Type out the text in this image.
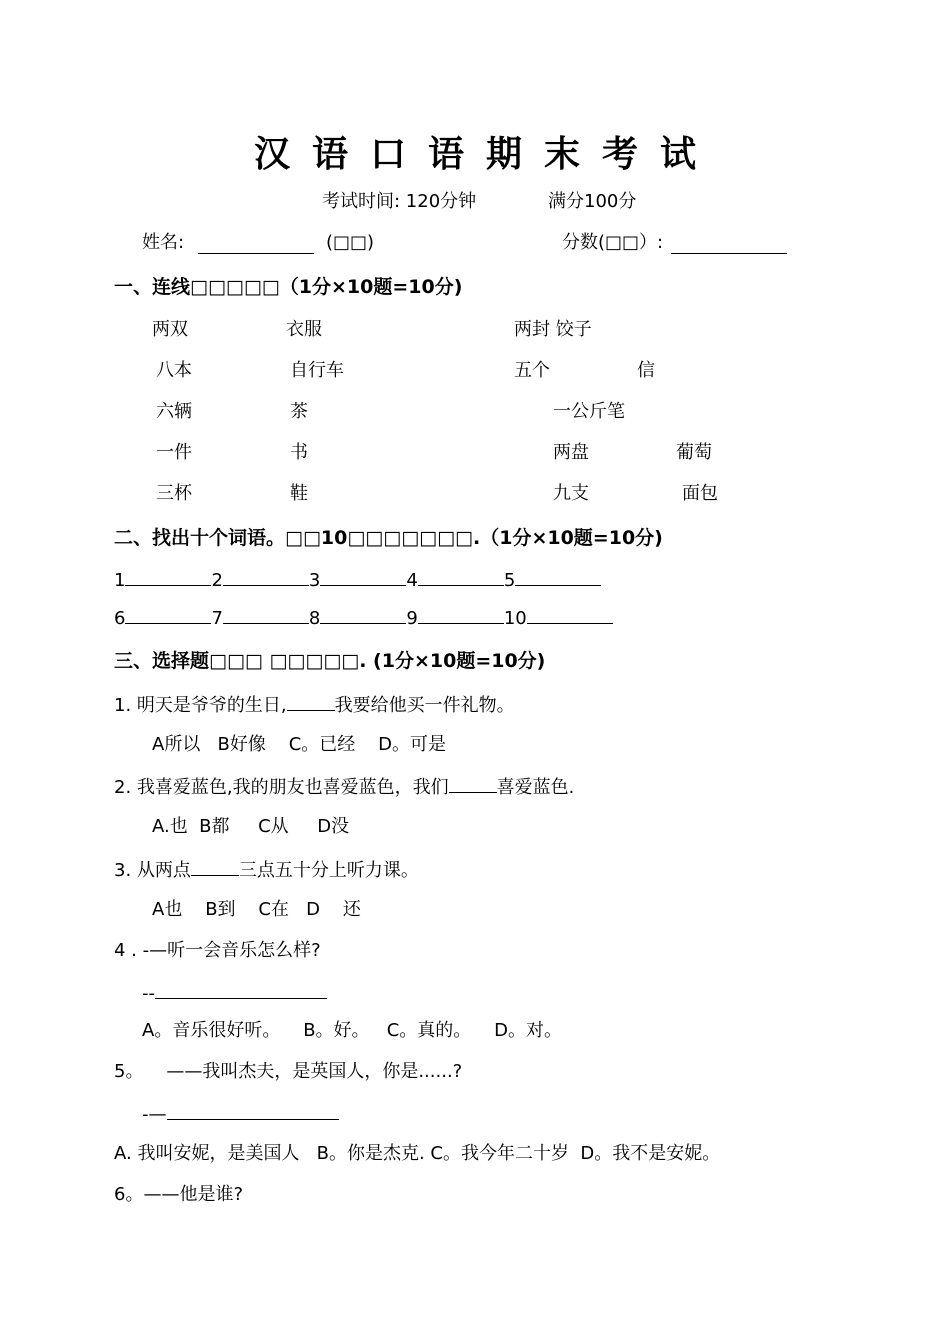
汉语口语期末考试
考试时间: 120分钟	满分100分
姓名:	(□□)	分数(□□）:
一、连线□□□□□（1分×10题=10分)
两双	衣服	两封 饺子
八本	自行车	五个	信
六辆	茶	一公斤笔
一件	书	两盘	葡萄
三杯	鞋	九支	面包
二、找出十个词语。□□10□□□□□□□.（1分×10题=10分)
1	2	3	4	5
6	7	8	9	10
三、选择题□□□ □□□□□. (1分×10题=10分)
1. 明天是爷爷的生日,	我要给他买一件礼物。
A所以   B好像    C。已经    D。可是
2. 我喜爱蓝色,我的朋友也喜爱蓝色，我们	喜爱蓝色.
A.也  B都     C从     D没
3. 从两点	三点五十分上听力课。
A也    B到    C在   D    还
4 . -—听一会音乐怎么样?
--
A。音乐很好听。    B。好。   C。真的。    D。对。
5。    ——我叫杰夫，是英国人，你是......?
-—
A. 我叫安妮，是美国人   B。你是杰克. C。我今年二十岁  D。我不是安妮。
6。——他是谁?
